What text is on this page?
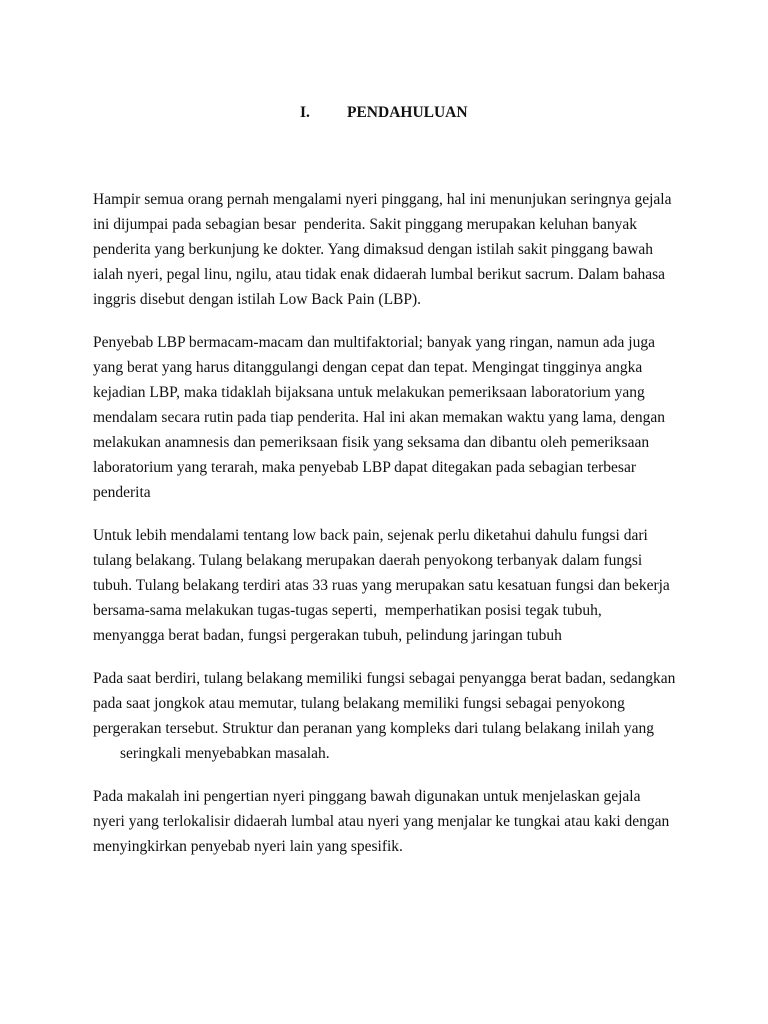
I. PENDAHULUAN
Hampir semua orang pernah mengalami nyeri pinggang, hal ini menunjukan seringnya gejala
ini dijumpai pada sebagian besar  penderita. Sakit pinggang merupakan keluhan banyak
penderita yang berkunjung ke dokter. Yang dimaksud dengan istilah sakit pinggang bawah
ialah nyeri, pegal linu, ngilu, atau tidak enak didaerah lumbal berikut sacrum. Dalam bahasa
inggris disebut dengan istilah Low Back Pain (LBP).
Penyebab LBP bermacam-macam dan multifaktorial; banyak yang ringan, namun ada juga
yang berat yang harus ditanggulangi dengan cepat dan tepat. Mengingat tingginya angka
kejadian LBP, maka tidaklah bijaksana untuk melakukan pemeriksaan laboratorium yang
mendalam secara rutin pada tiap penderita. Hal ini akan memakan waktu yang lama, dengan
melakukan anamnesis dan pemeriksaan fisik yang seksama dan dibantu oleh pemeriksaan
laboratorium yang terarah, maka penyebab LBP dapat ditegakan pada sebagian terbesar
penderita
Untuk lebih mendalami tentang low back pain, sejenak perlu diketahui dahulu fungsi dari
tulang belakang. Tulang belakang merupakan daerah penyokong terbanyak dalam fungsi
tubuh. Tulang belakang terdiri atas 33 ruas yang merupakan satu kesatuan fungsi dan bekerja
bersama-sama melakukan tugas-tugas seperti,  memperhatikan posisi tegak tubuh,
menyangga berat badan, fungsi pergerakan tubuh, pelindung jaringan tubuh
Pada saat berdiri, tulang belakang memiliki fungsi sebagai penyangga berat badan, sedangkan
pada saat jongkok atau memutar, tulang belakang memiliki fungsi sebagai penyokong
pergerakan tersebut. Struktur dan peranan yang kompleks dari tulang belakang inilah yang
seringkali menyebabkan masalah.
Pada makalah ini pengertian nyeri pinggang bawah digunakan untuk menjelaskan gejala
nyeri yang terlokalisir didaerah lumbal atau nyeri yang menjalar ke tungkai atau kaki dengan
menyingkirkan penyebab nyeri lain yang spesifik.
